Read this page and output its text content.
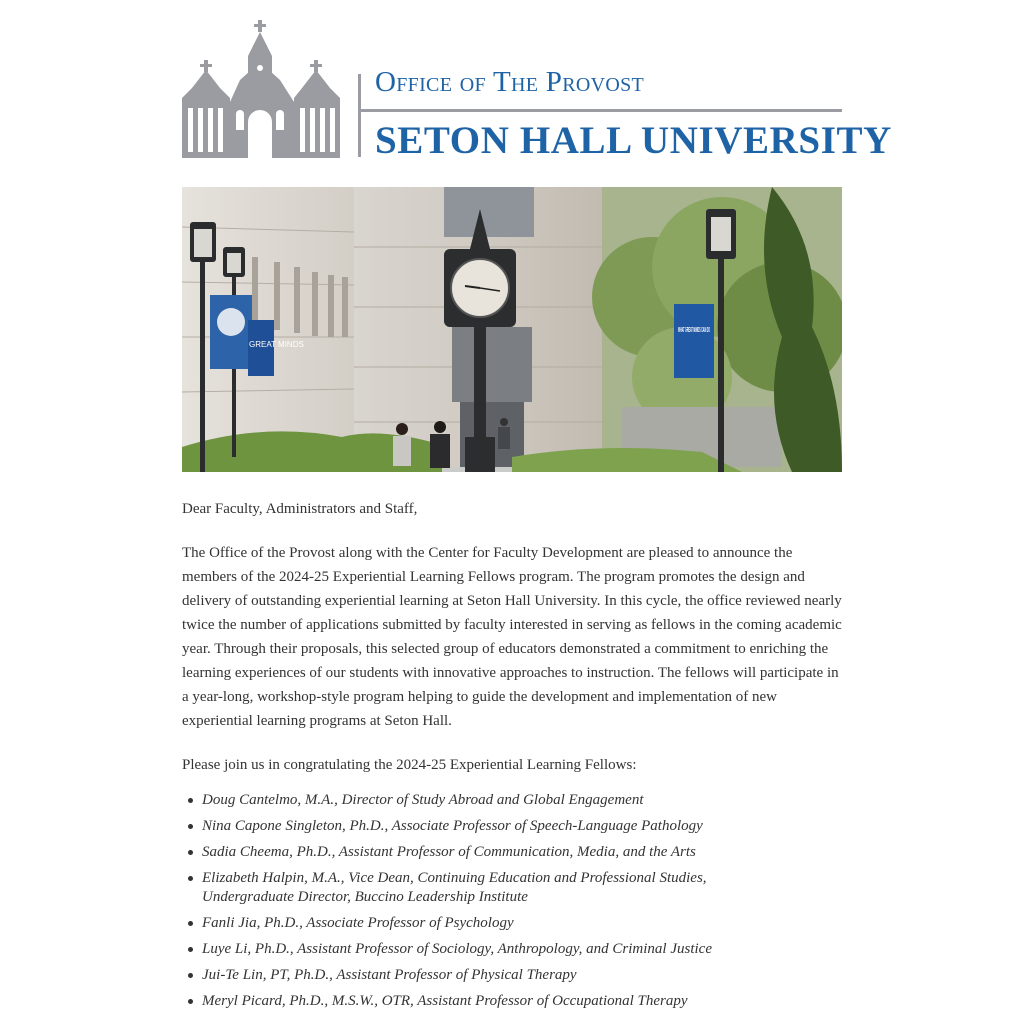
Office of The Provost
SETON HALL UNIVERSITY
GREAT MINDS
WHAT GREAT MINDS CAN DO

Dear Faculty, Administrators and Staff,

The Office of the Provost along with the Center for Faculty Development are pleased to announce the members of the 2024-25 Experiential Learning Fellows program. The program promotes the design and delivery of outstanding experiential learning at Seton Hall University. In this cycle, the office reviewed nearly twice the number of applications submitted by faculty interested in serving as fellows in the coming academic year. Through their proposals, this selected group of educators demonstrated a commitment to enriching the learning experiences of our students with innovative approaches to instruction. The fellows will participate in a year-long, workshop-style program helping to guide the development and implementation of new experiential learning programs at Seton Hall.

Please join us in congratulating the 2024-25 Experiential Learning Fellows:

Doug Cantelmo, M.A., Director of Study Abroad and Global Engagement
Nina Capone Singleton, Ph.D., Associate Professor of Speech-Language Pathology
Sadia Cheema, Ph.D., Assistant Professor of Communication, Media, and the Arts
Elizabeth Halpin, M.A., Vice Dean, Continuing Education and Professional Studies, Undergraduate Director, Buccino Leadership Institute
Fanli Jia, Ph.D., Associate Professor of Psychology
Luye Li, Ph.D., Assistant Professor of Sociology, Anthropology, and Criminal Justice
Jui-Te Lin, PT, Ph.D., Assistant Professor of Physical Therapy
Meryl Picard, Ph.D., M.S.W., OTR, Assistant Professor of Occupational Therapy
